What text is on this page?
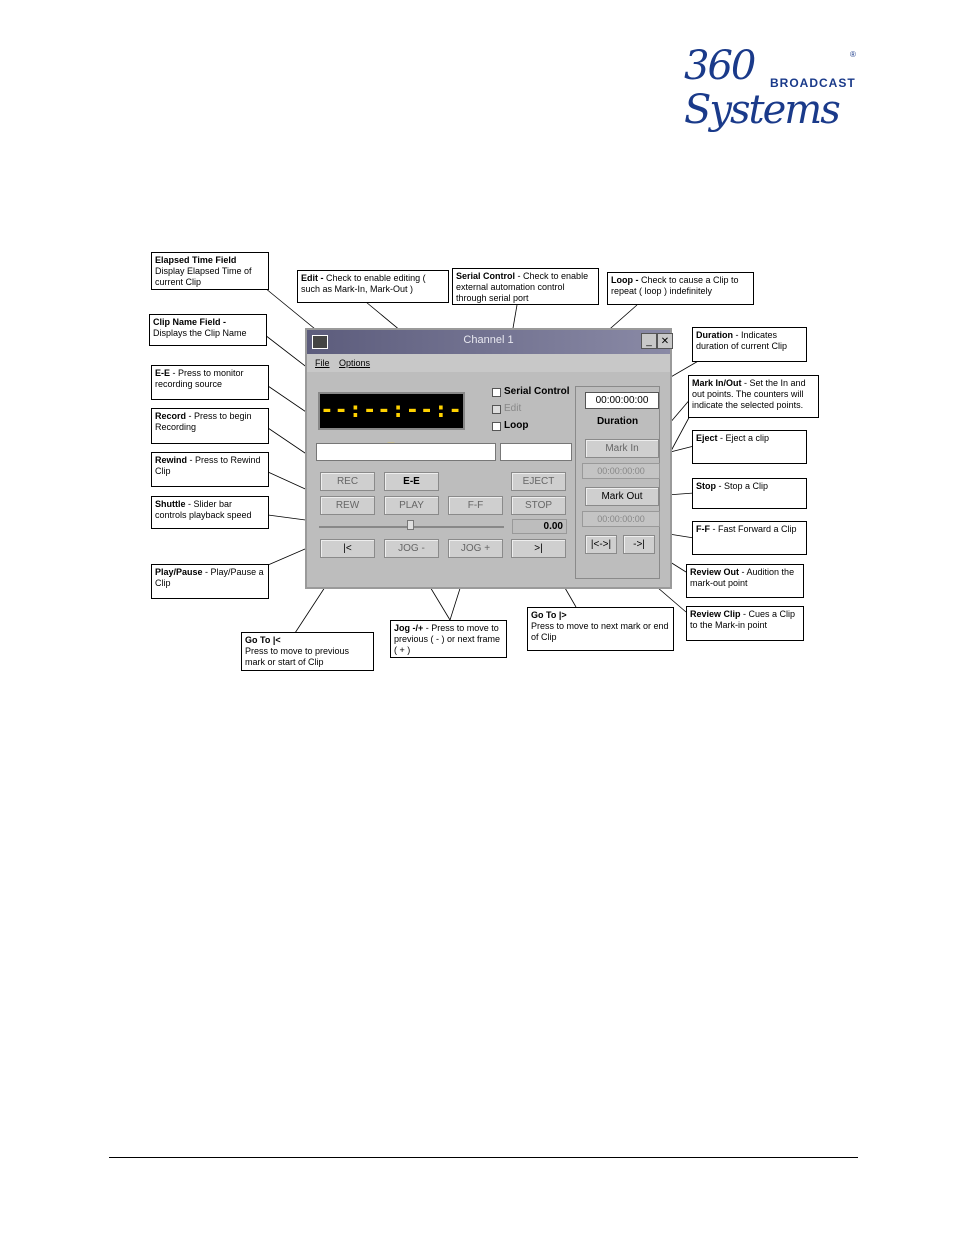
360 Systems
®
BROADCAST
Channel 1	_ ✕
File Options
--:--:--:-
Serial Control
Edit
Loop
00:00:00:00
Duration
Mark In
00:00:00:00
Mark Out
00:00:00:00
|<->|	->|
REC	E-E	EJECT
REW	PLAY	F-F	STOP
0.00
|<	JOG -	JOG +	>|
Elapsed Time Field
Display Elapsed Time of current Clip	Edit - Check to enable editing ( such as Mark-In, Mark-Out )
Serial Control - Check to enable external automation control through serial port
Loop - Check to cause a Clip to repeat ( loop ) indefinitely
Clip Name Field -
Displays the Clip Name	Duration - Indicates duration of current Clip
E-E - Press to monitor recording source	Mark In/Out - Set the In and out points. The counters will indicate the selected points.
Record - Press to begin Recording
Eject - Eject a clip
Rewind - Press to Rewind Clip
Stop - Stop a Clip
Shuttle - Slider bar controls playback speed
F-F - Fast Forward a Clip
Play/Pause - Play/Pause a Clip
Review Out - Audition the mark-out point
Review Clip - Cues a Clip to the Mark-in point
Go To |>
Press to move to next mark or end of Clip
Jog -/+ - Press to move to previous ( - ) or next frame ( + )
Go To |<
Press to move to previous mark or start of Clip
